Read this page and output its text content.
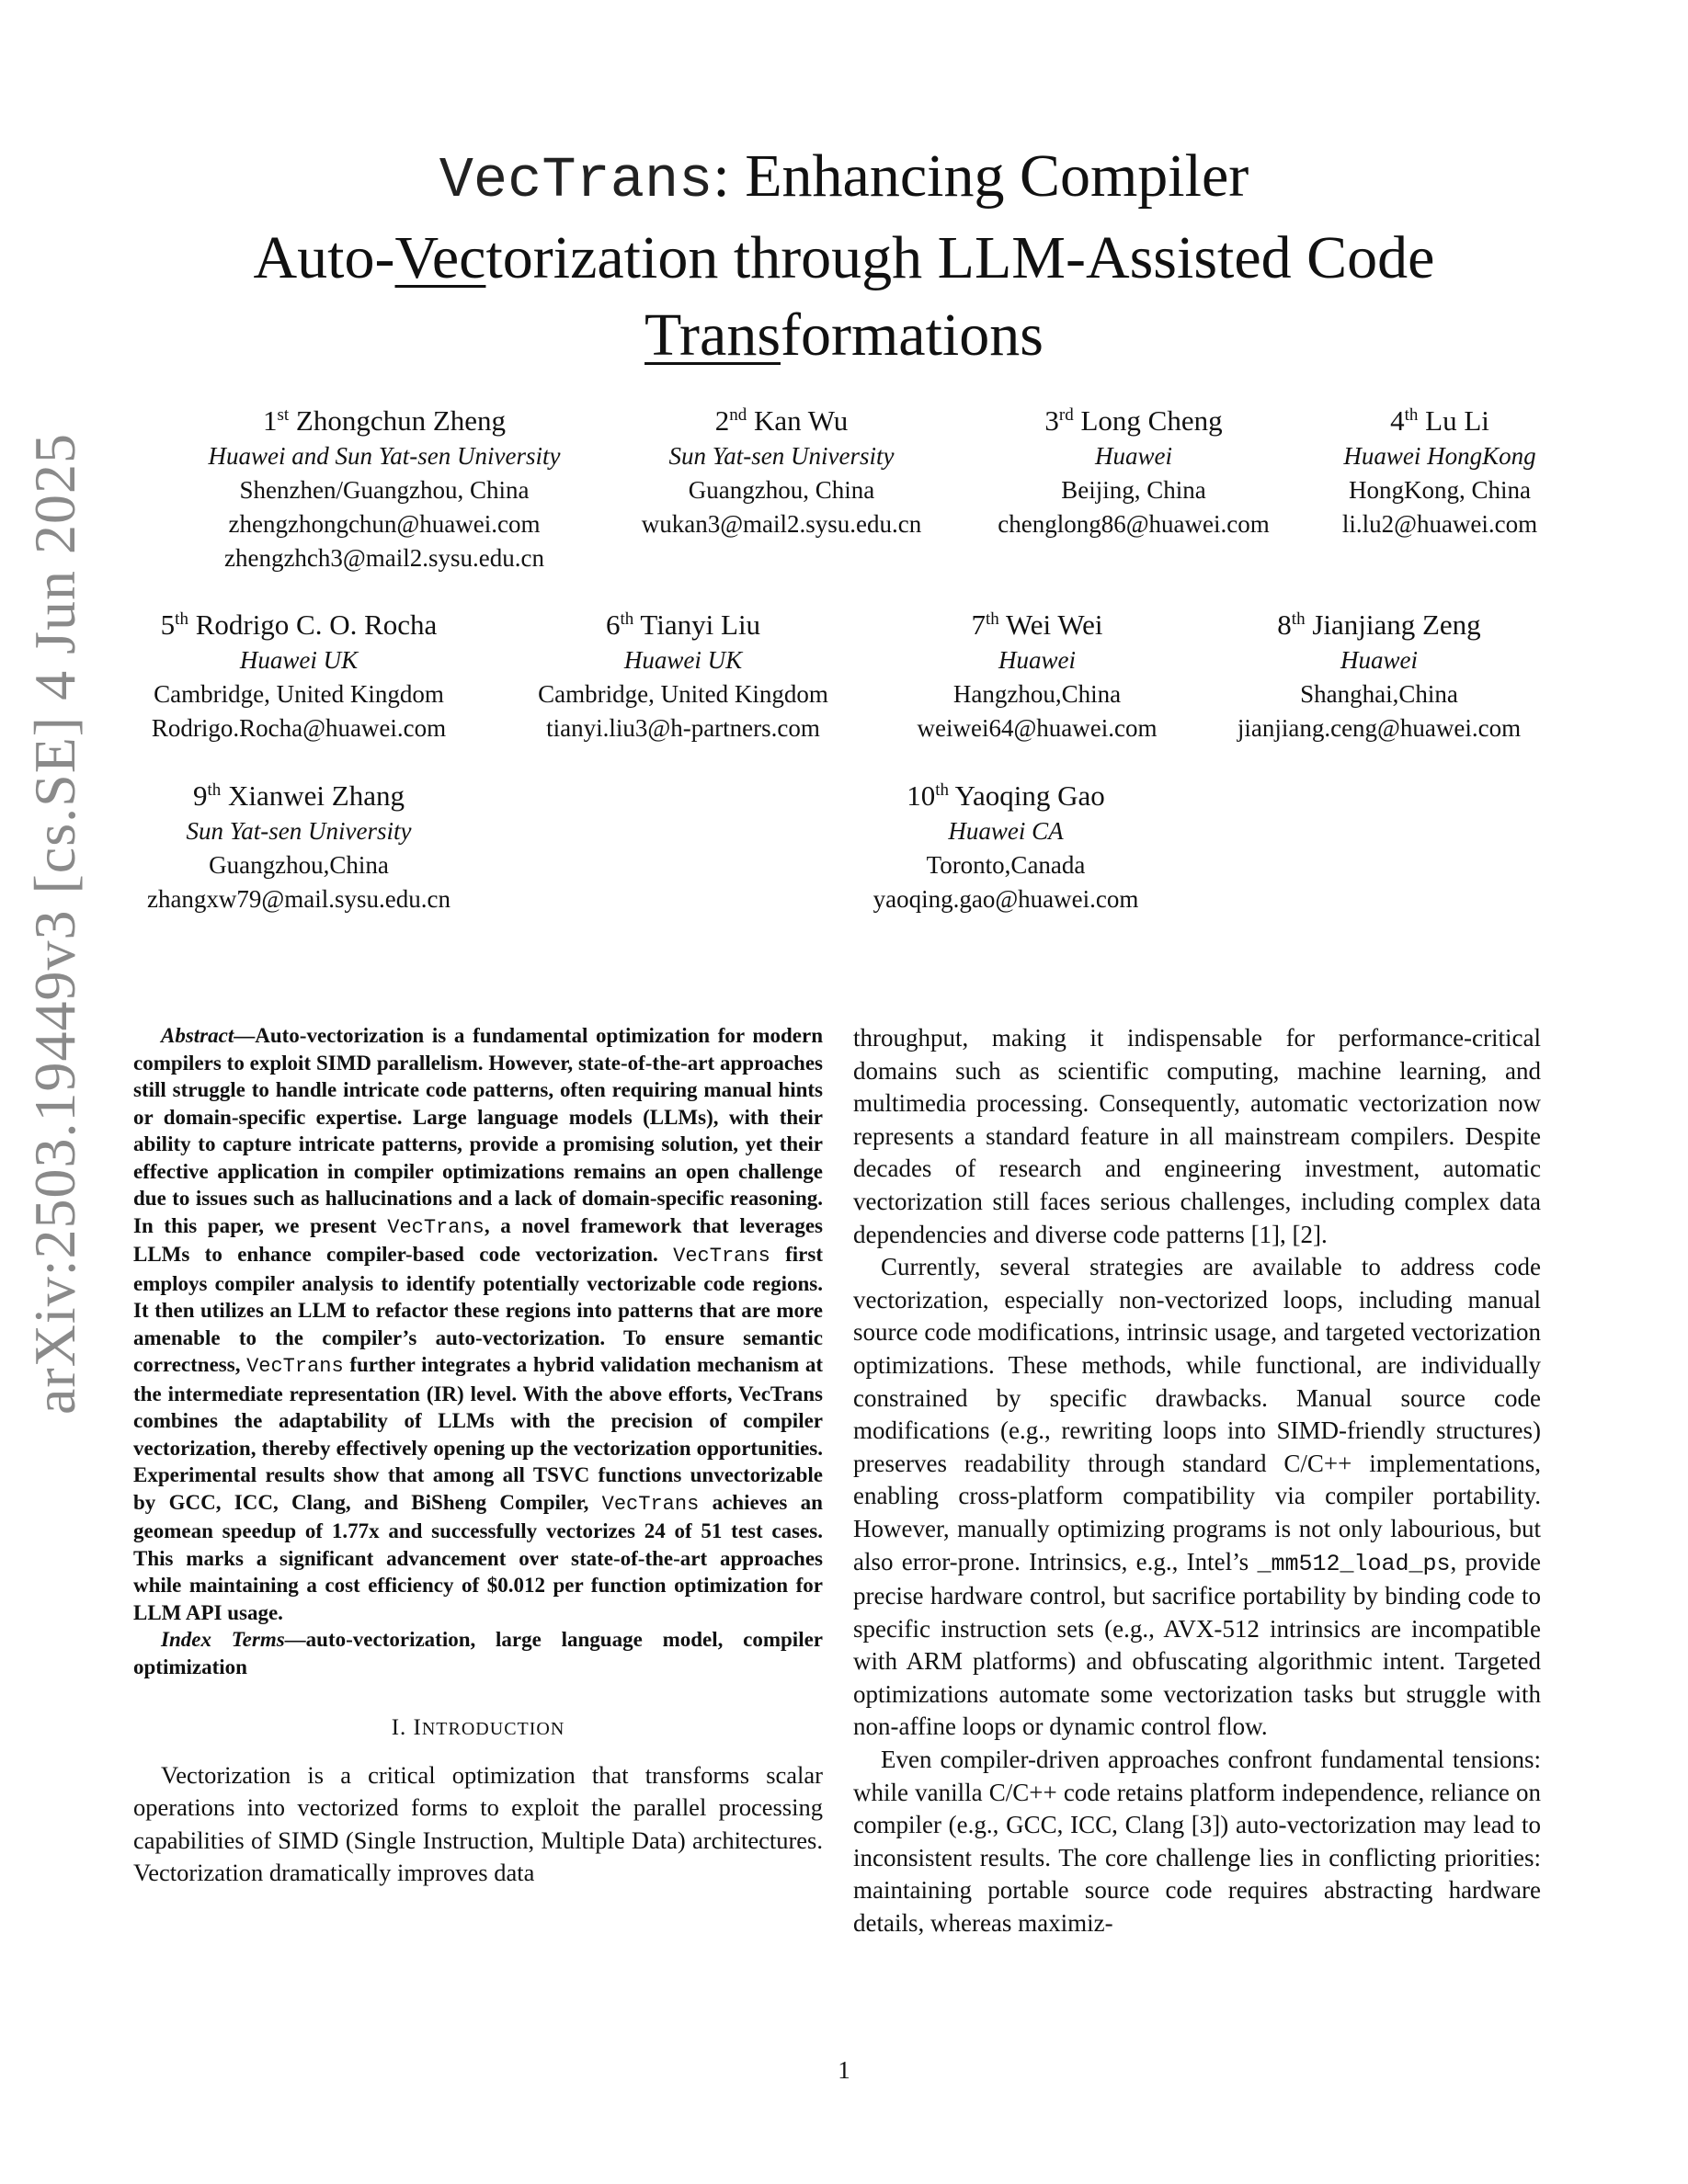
arXiv:2503.19449v3 [cs.SE] 4 Jun 2025
VecTrans: Enhancing Compiler
Auto-Vectorization through LLM-Assisted Code
Transformations
1st Zhongchun Zheng
Huawei and Sun Yat-sen University
Shenzhen/Guangzhou, China
zhengzhongchun@huawei.com
zhengzhch3@mail2.sysu.edu.cn
2nd Kan Wu
Sun Yat-sen University
Guangzhou, China
wukan3@mail2.sysu.edu.cn
3rd Long Cheng
Huawei
Beijing, China
chenglong86@huawei.com
4th Lu Li
Huawei HongKong
HongKong, China
li.lu2@huawei.com
5th Rodrigo C. O. Rocha
Huawei UK
Cambridge, United Kingdom
Rodrigo.Rocha@huawei.com
6th Tianyi Liu
Huawei UK
Cambridge, United Kingdom
tianyi.liu3@h-partners.com
7th Wei Wei
Huawei
Hangzhou,China
weiwei64@huawei.com
8th Jianjiang Zeng
Huawei
Shanghai,China
jianjiang.ceng@huawei.com
9th Xianwei Zhang
Sun Yat-sen University
Guangzhou,China
zhangxw79@mail.sysu.edu.cn
10th Yaoqing Gao
Huawei CA
Toronto,Canada
yaoqing.gao@huawei.com

Abstract—Auto-vectorization is a fundamental optimization for modern compilers to exploit SIMD parallelism. However, state-of-the-art approaches still struggle to handle intricate code patterns, often requiring manual hints or domain-specific expertise. Large language models (LLMs), with their ability to capture intricate patterns, provide a promising solution, yet their effective application in compiler optimizations remains an open challenge due to issues such as hallucinations and a lack of domain-specific reasoning. In this paper, we present VecTrans, a novel framework that leverages LLMs to enhance compiler-based code vectorization. VecTrans first employs compiler analysis to identify potentially vectorizable code regions. It then utilizes an LLM to refactor these regions into patterns that are more amenable to the compiler’s auto-vectorization. To ensure semantic correctness, VecTrans further integrates a hybrid validation mechanism at the intermediate representation (IR) level. With the above efforts, VecTrans combines the adaptability of LLMs with the precision of compiler vectorization, thereby effectively opening up the vectorization opportunities. Experimental results show that among all TSVC functions unvectorizable by GCC, ICC, Clang, and BiSheng Compiler, VecTrans achieves an geomean speedup of 1.77x and successfully vectorizes 24 of 51 test cases. This marks a significant advancement over state-of-the-art approaches while maintaining a cost efficiency of $0.012 per function optimization for LLM API usage.

Index Terms—auto-vectorization, large language model, compiler optimization

I. INTRODUCTION

Vectorization is a critical optimization that transforms scalar operations into vectorized forms to exploit the parallel processing capabilities of SIMD (Single Instruction, Multiple Data) architectures. Vectorization dramatically improves data

throughput, making it indispensable for performance-critical domains such as scientific computing, machine learning, and multimedia processing. Consequently, automatic vectorization now represents a standard feature in all mainstream compilers. Despite decades of research and engineering investment, automatic vectorization still faces serious challenges, including complex data dependencies and diverse code patterns [1], [2].

Currently, several strategies are available to address code vectorization, especially non-vectorized loops, including manual source code modifications, intrinsic usage, and targeted vectorization optimizations. These methods, while functional, are individually constrained by specific drawbacks. Manual source code modifications (e.g., rewriting loops into SIMD-friendly structures) preserves readability through standard C/C++ implementations, enabling cross-platform compatibility via compiler portability. However, manually optimizing programs is not only labourious, but also error-prone. Intrinsics, e.g., Intel’s _mm512_load_ps, provide precise hardware control, but sacrifice portability by binding code to specific instruction sets (e.g., AVX-512 intrinsics are incompatible with ARM platforms) and obfuscating algorithmic intent. Targeted optimizations automate some vectorization tasks but struggle with non-affine loops or dynamic control flow.

Even compiler-driven approaches confront fundamental tensions: while vanilla C/C++ code retains platform independence, reliance on compiler (e.g., GCC, ICC, Clang [3]) auto-vectorization may lead to inconsistent results. The core challenge lies in conflicting priorities: maintaining portable source code requires abstracting hardware details, whereas maximiz-

1
